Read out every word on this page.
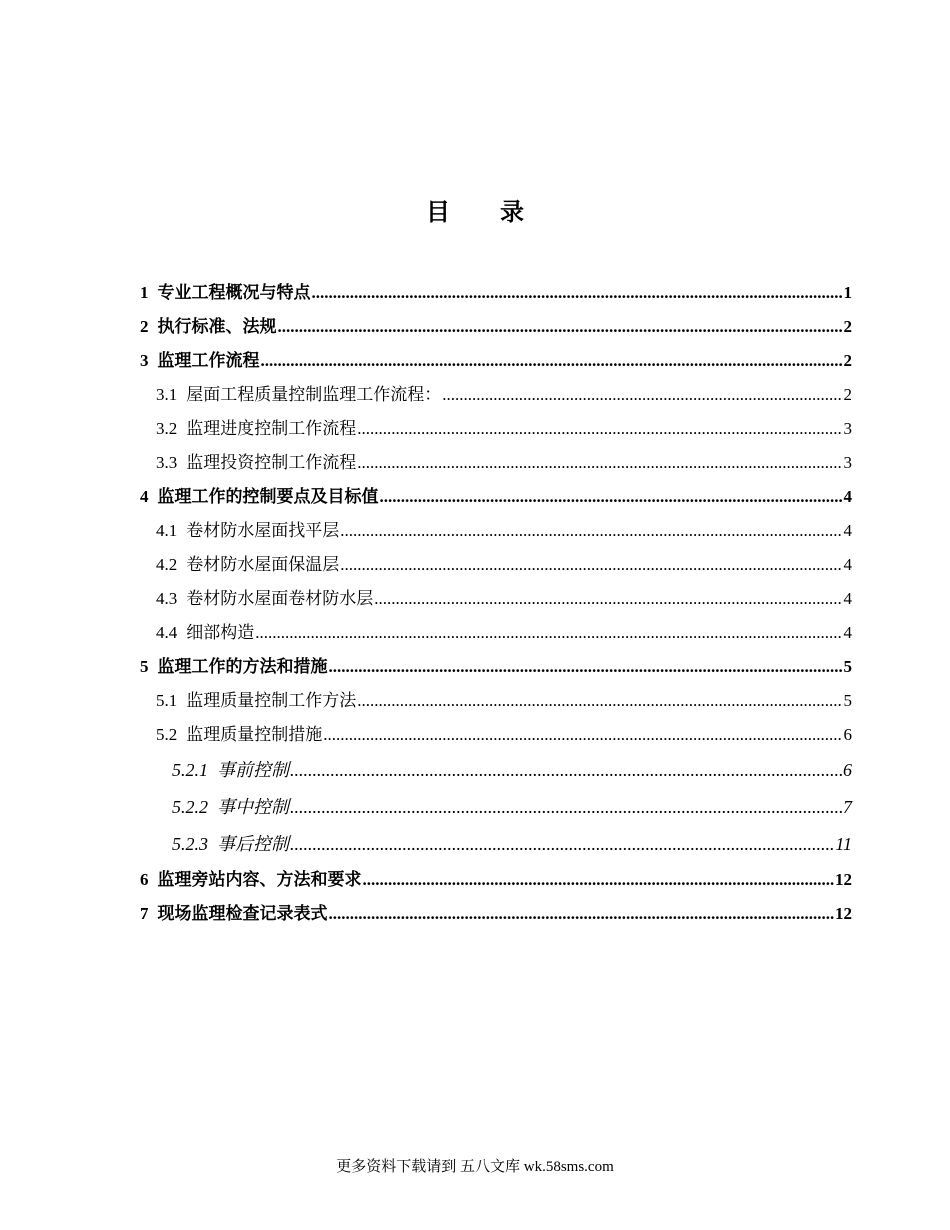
目 录
1 专业工程概况与特点 .....	1
2 执行标准、法规 .....	2
3 监理工作流程 .....	2
3.1 屋面工程质量控制监理工作流程： .....	2
3.2 监理进度控制工作流程 .....	3
3.3 监理投资控制工作流程 .....	3
4 监理工作的控制要点及目标值 .....	4
4.1 卷材防水屋面找平层 .....	4
4.2 卷材防水屋面保温层 .....	4
4.3 卷材防水屋面卷材防水层 .....	4
4.4 细部构造 .....	4
5 监理工作的方法和措施 .....	5
5.1 监理质量控制工作方法 .....	5
5.2 监理质量控制措施 .....	6
5.2.1 事前控制 .....	6
5.2.2 事中控制 .....	7
5.2.3 事后控制 .....	11
6 监理旁站内容、方法和要求 .....	12
7 现场监理检查记录表式 .....	12
更多资料下载请到 五八文库 wk.58sms.com
